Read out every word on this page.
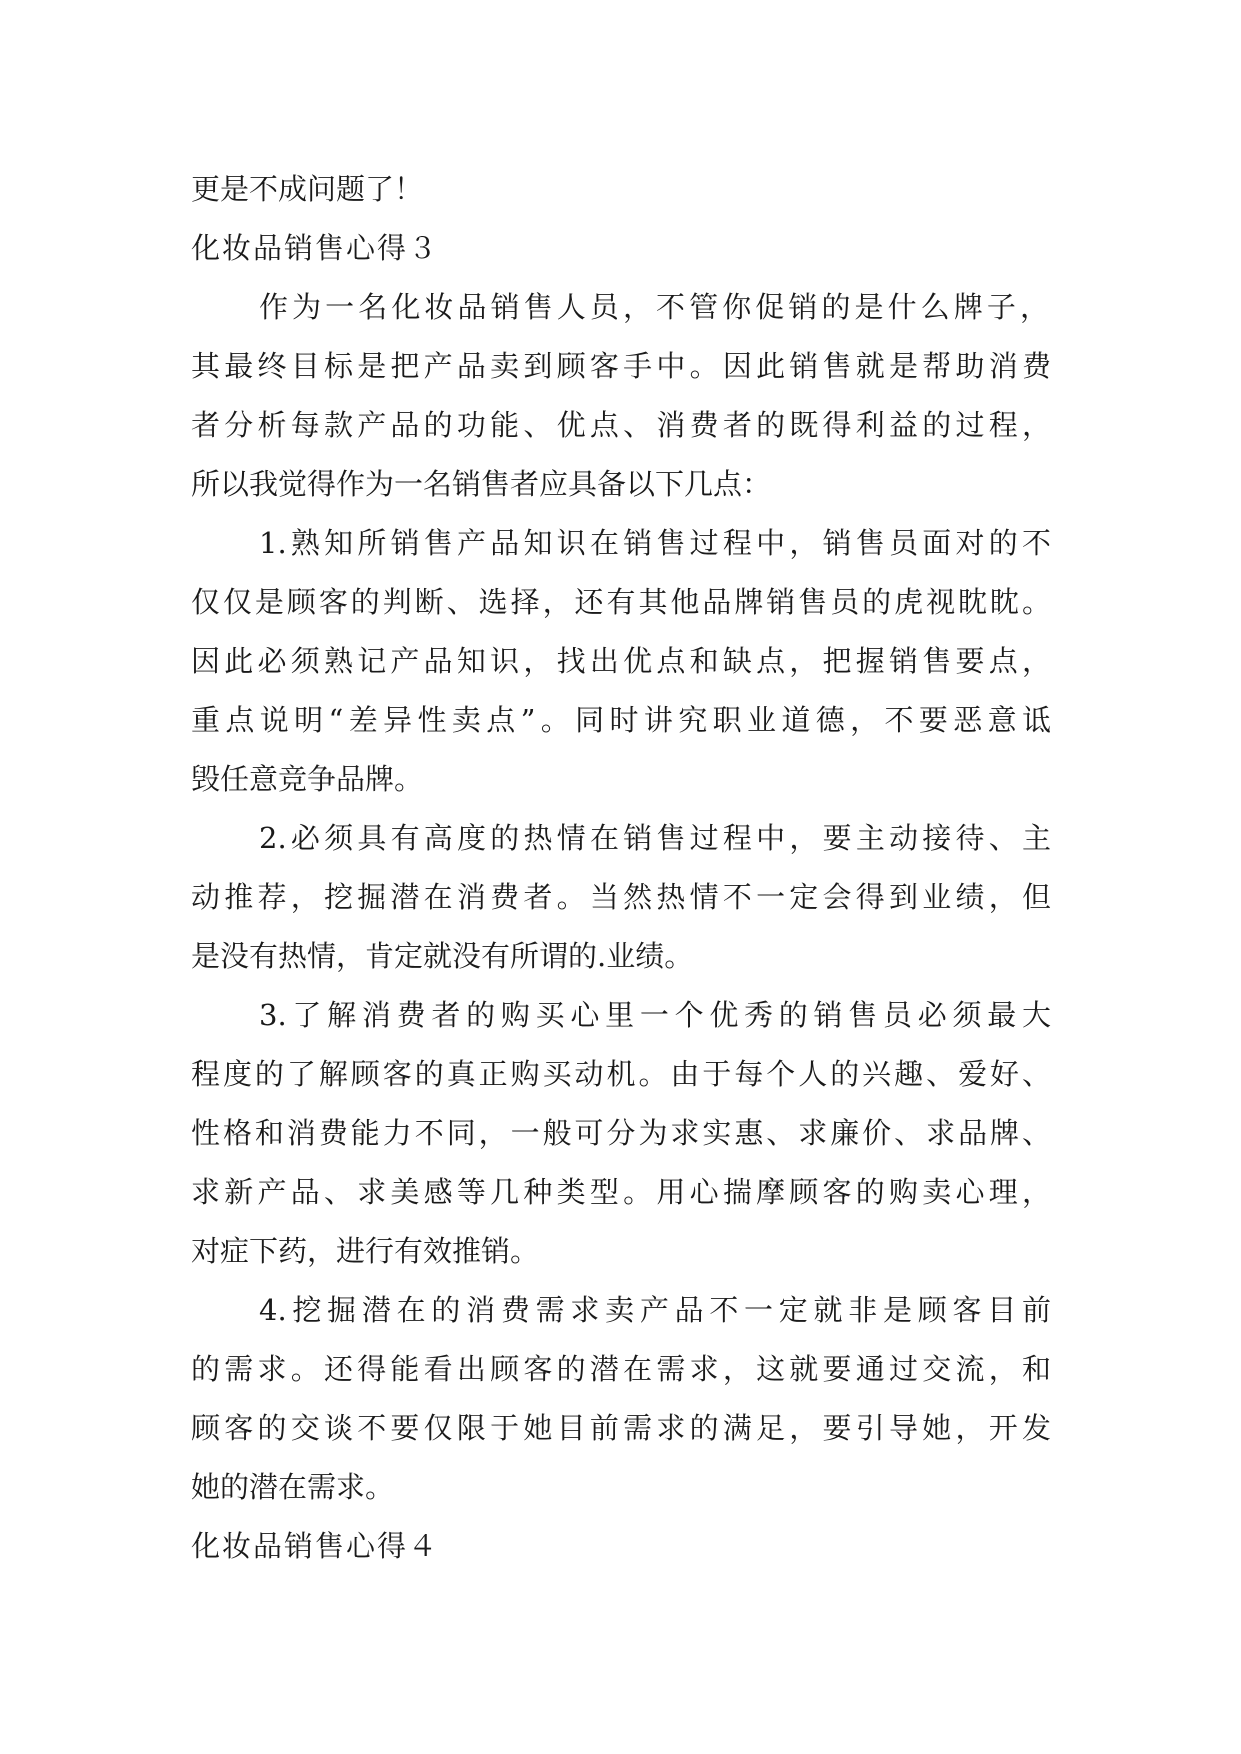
更是不成问题了！
化妆品销售心得３
作为一名化妆品销售人员，不管你促销的是什么牌子，
其最终目标是把产品卖到顾客手中。因此销售就是帮助消费
者分析每款产品的功能、优点、消费者的既得利益的过程，
所以我觉得作为一名销售者应具备以下几点：
1.熟知所销售产品知识在销售过程中，销售员面对的不
仅仅是顾客的判断、选择，还有其他品牌销售员的虎视眈眈。
因此必须熟记产品知识，找出优点和缺点，把握销售要点，
重点说明“差异性卖点”。同时讲究职业道德，不要恶意诋
毁任意竞争品牌。
2.必须具有高度的热情在销售过程中，要主动接待、主
动推荐，挖掘潜在消费者。当然热情不一定会得到业绩，但
是没有热情，肯定就没有所谓的.业绩。
3.了解消费者的购买心里一个优秀的销售员必须最大
程度的了解顾客的真正购买动机。由于每个人的兴趣、爱好、
性格和消费能力不同，一般可分为求实惠、求廉价、求品牌、
求新产品、求美感等几种类型。用心揣摩顾客的购卖心理，
对症下药，进行有效推销。
4.挖掘潜在的消费需求卖产品不一定就非是顾客目前
的需求。还得能看出顾客的潜在需求，这就要通过交流，和
顾客的交谈不要仅限于她目前需求的满足，要引导她，开发
她的潜在需求。
化妆品销售心得４
